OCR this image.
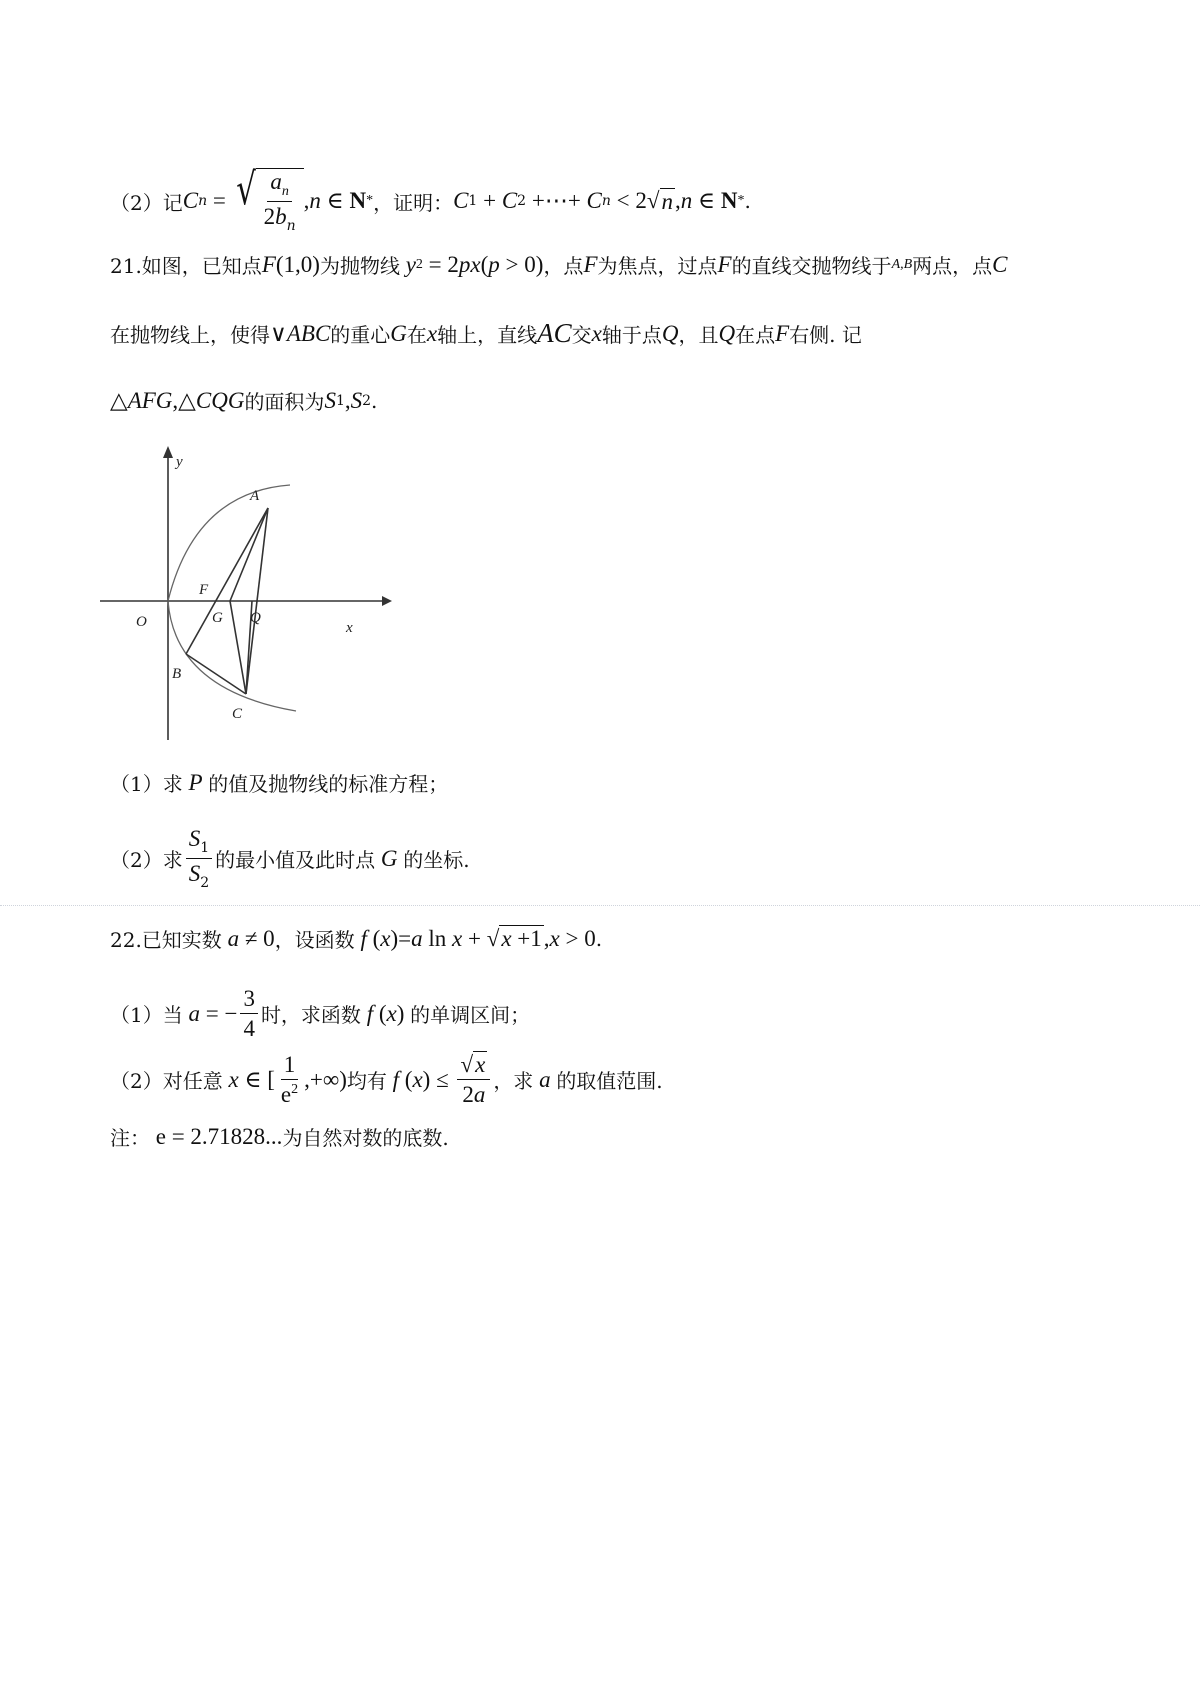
（2）记 C n = √ $\frac{a_n}{2b_n}$ , n ∈ N * ，证明： C 1 + C 2 +⋯+ C n < 2 √ n , n ∈ N * .
21.如图，已知点 F (1,0) 为抛物线 y 2 = 2 px ( p > 0) ，点 F 为焦点，过点 F 的直线交抛物线于 A,B 两点，点 C
在抛物线上，使得 ∨ ABC 的重心 G 在 x 轴上，直线 AC 交 x 轴于点 Q ，且 Q 在点 F 右侧. 记
△ AFG ,△ CQG 的面积为 S 1 , S 2 .
y
x
A
F
O	G Q
B
C
（1）求 P 的值及抛物线的标准方程；
（2）求 $\frac{S_1}{S_2}$ 的最小值及此时点 G 的坐标.
22.已知实数 a ≠ 0 ，设函数 f ( x )= a ln x + √ x +1 , x > 0 .
（1）当 a = − $\frac{3}{4}$ 时，求函数 f ( x ) 的单调区间；
（2）对任意 x ∈ [ $\frac{1}{e^2}$ ,+∞) 均有 f ( x ) ≤ $\frac{√x}{2a}$ ，求 a 的取值范围.
注： e = 2.71828... 为自然对数的底数.
